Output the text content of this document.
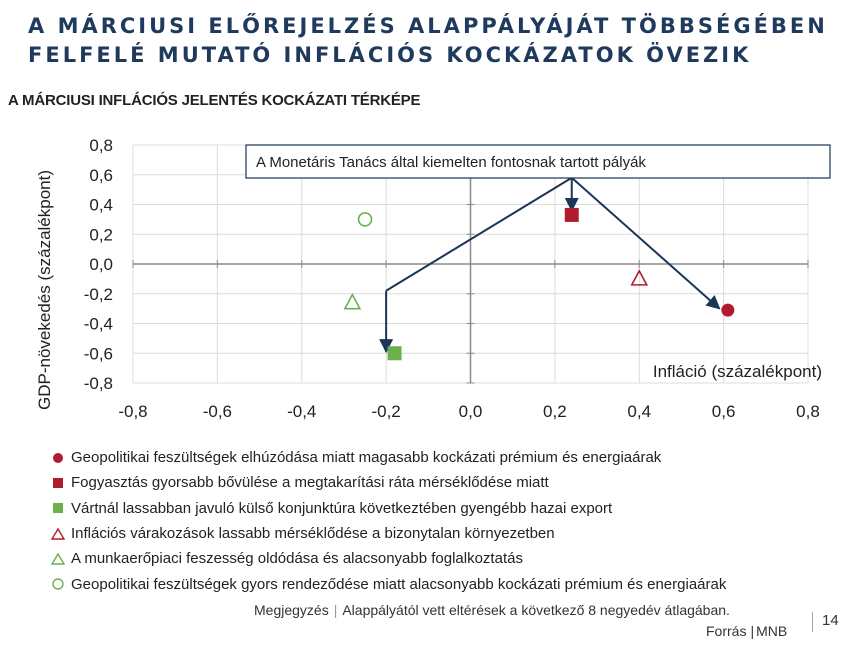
A MÁRCIUSI ELŐREJELZÉS ALAPPÁLYÁJÁT TÖBBSÉGÉBEN
FELFELÉ MUTATÓ INFLÁCIÓS KOCKÁZATOK ÖVEZIK
A MÁRCIUSI INFLÁCIÓS JELENTÉS KOCKÁZATI TÉRKÉPE
-0,8
-0,6
-0,4
-0,2
0,0
0,2
0,4
0,6
0,8
-0,8	-0,6	-0,4	-0,2	0,0	0,2	0,4	0,6	0,8
GDP-növekedés (százalékpont)	Infláció (százalékpont)
A Monetáris Tanács által kiemelten fontosnak tartott pályák
Geopolitikai feszültségek elhúzódása miatt magasabb kockázati prémium és energiaárak
Fogyasztás gyorsabb bővülése a megtakarítási ráta mérséklődése miatt
Vártnál lassabban javuló külső konjunktúra következtében gyengébb hazai export
Inflációs várakozások lassabb mérséklődése a bizonytalan környezetben
A munkaerőpiaci feszesség oldódása és alacsonyabb foglalkoztatás
Geopolitikai feszültségek gyors rendeződése miatt alacsonyabb kockázati prémium és energiaárak
Megjegyzés | Alappályától vett eltérések a következő 8 negyedév átlagában.
Forrás | MNB
14
